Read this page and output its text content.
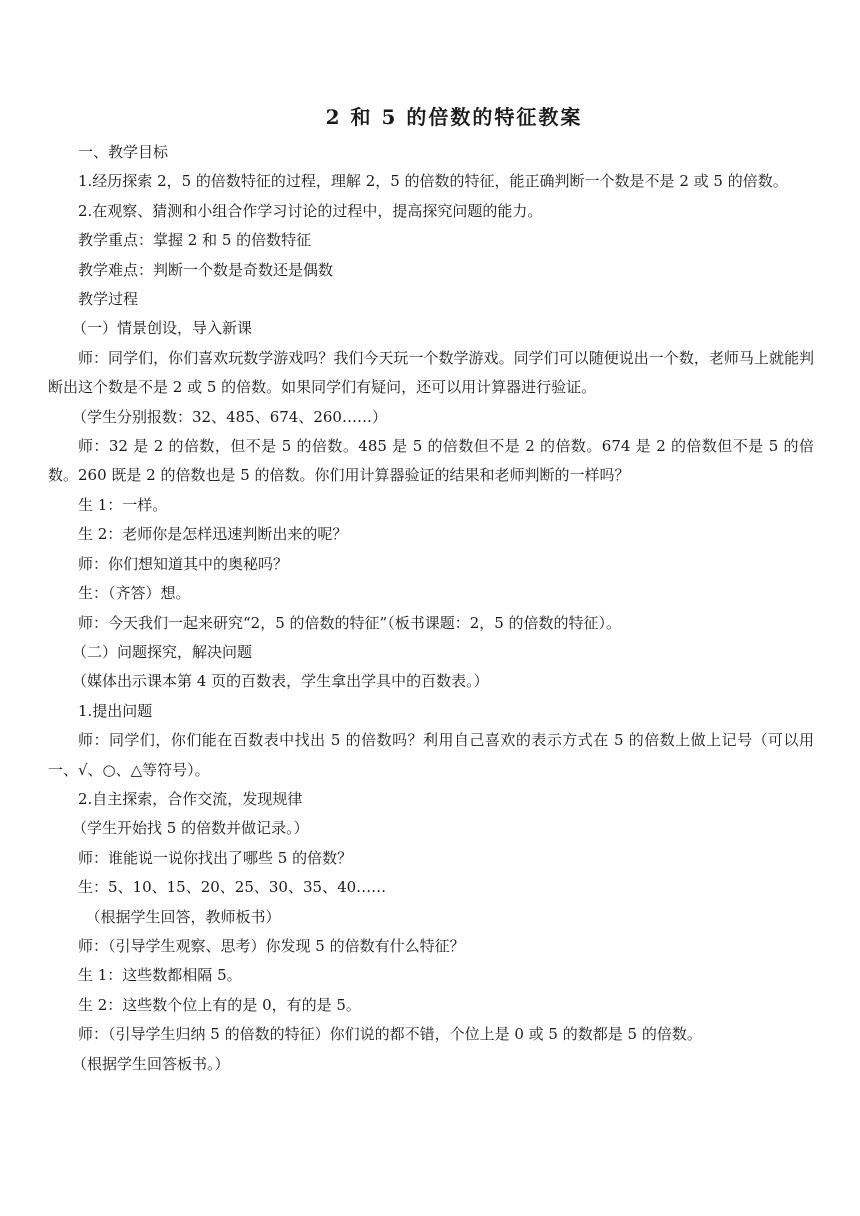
2 和 5 的倍数的特征教案

一、教学目标

1.经历探索 2，5 的倍数特征的过程，理解 2，5 的倍数的特征，能正确判断一个数是不是 2 或 5 的倍数。

2.在观察、猜测和小组合作学习讨论的过程中，提高探究问题的能力。

教学重点：掌握 2 和 5 的倍数特征

教学难点：判断一个数是奇数还是偶数

教学过程

（一）情景创设，导入新课

师：同学们，你们喜欢玩数学游戏吗？我们今天玩一个数学游戏。同学们可以随便说出一个数，老师马上就能判断出这个数是不是 2 或 5 的倍数。如果同学们有疑问，还可以用计算器进行验证。

（学生分别报数：32、485、674、260……）

师：32 是 2 的倍数，但不是 5 的倍数。485 是 5 的倍数但不是 2 的倍数。674 是 2 的倍数但不是 5 的倍数。260 既是 2 的倍数也是 5 的倍数。你们用计算器验证的结果和老师判断的一样吗？

生 1：一样。

生 2：老师你是怎样迅速判断出来的呢？

师：你们想知道其中的奥秘吗？

生：（齐答）想。

师：今天我们一起来研究“2，5 的倍数的特征”（板书课题：2，5 的倍数的特征）。

（二）问题探究，解决问题

（媒体出示课本第 4 页的百数表，学生拿出学具中的百数表。）

1.提出问题

师：同学们，你们能在百数表中找出 5 的倍数吗？利用自己喜欢的表示方式在 5 的倍数上做上记号（可以用一、√、○、△等符号）。

2.自主探索，合作交流，发现规律

（学生开始找 5 的倍数并做记录。）

师：谁能说一说你找出了哪些 5 的倍数？

生：5、10、15、20、25、30、35、40……

（根据学生回答，教师板书）

师：（引导学生观察、思考）你发现 5 的倍数有什么特征？

生 1：这些数都相隔 5。

生 2：这些数个位上有的是 0，有的是 5。

师：（引导学生归纳 5 的倍数的特征）你们说的都不错，个位上是 0 或 5 的数都是 5 的倍数。

（根据学生回答板书。）
